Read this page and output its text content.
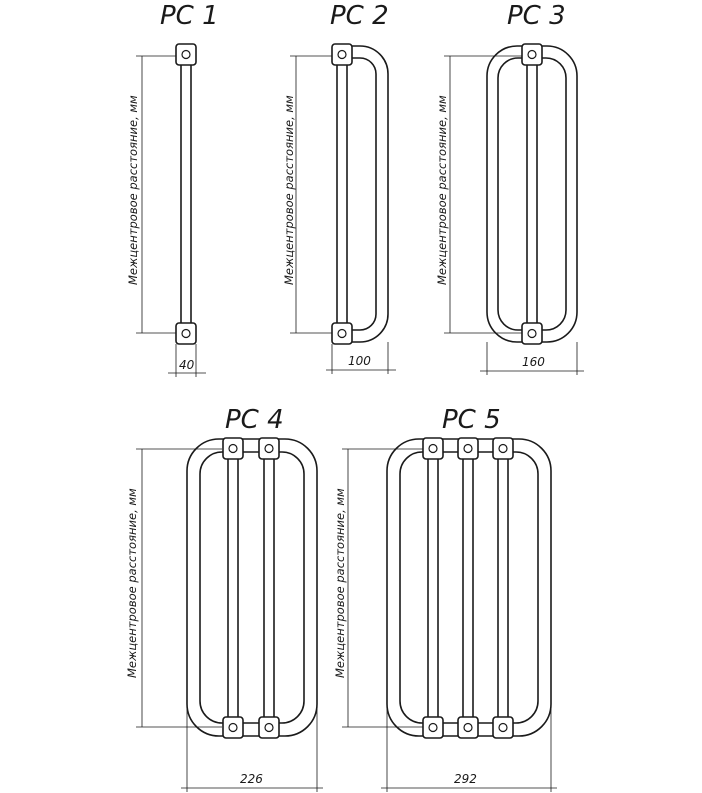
РС 1
Межцентровое расстояние, мм
40
РС 2
Межцентровое расстояние, мм
100
РС 3
Межцентровое расстояние, мм
160
РС 4
Межцентровое расстояние, мм
226
РС 5
Межцентровое расстояние, мм
292
